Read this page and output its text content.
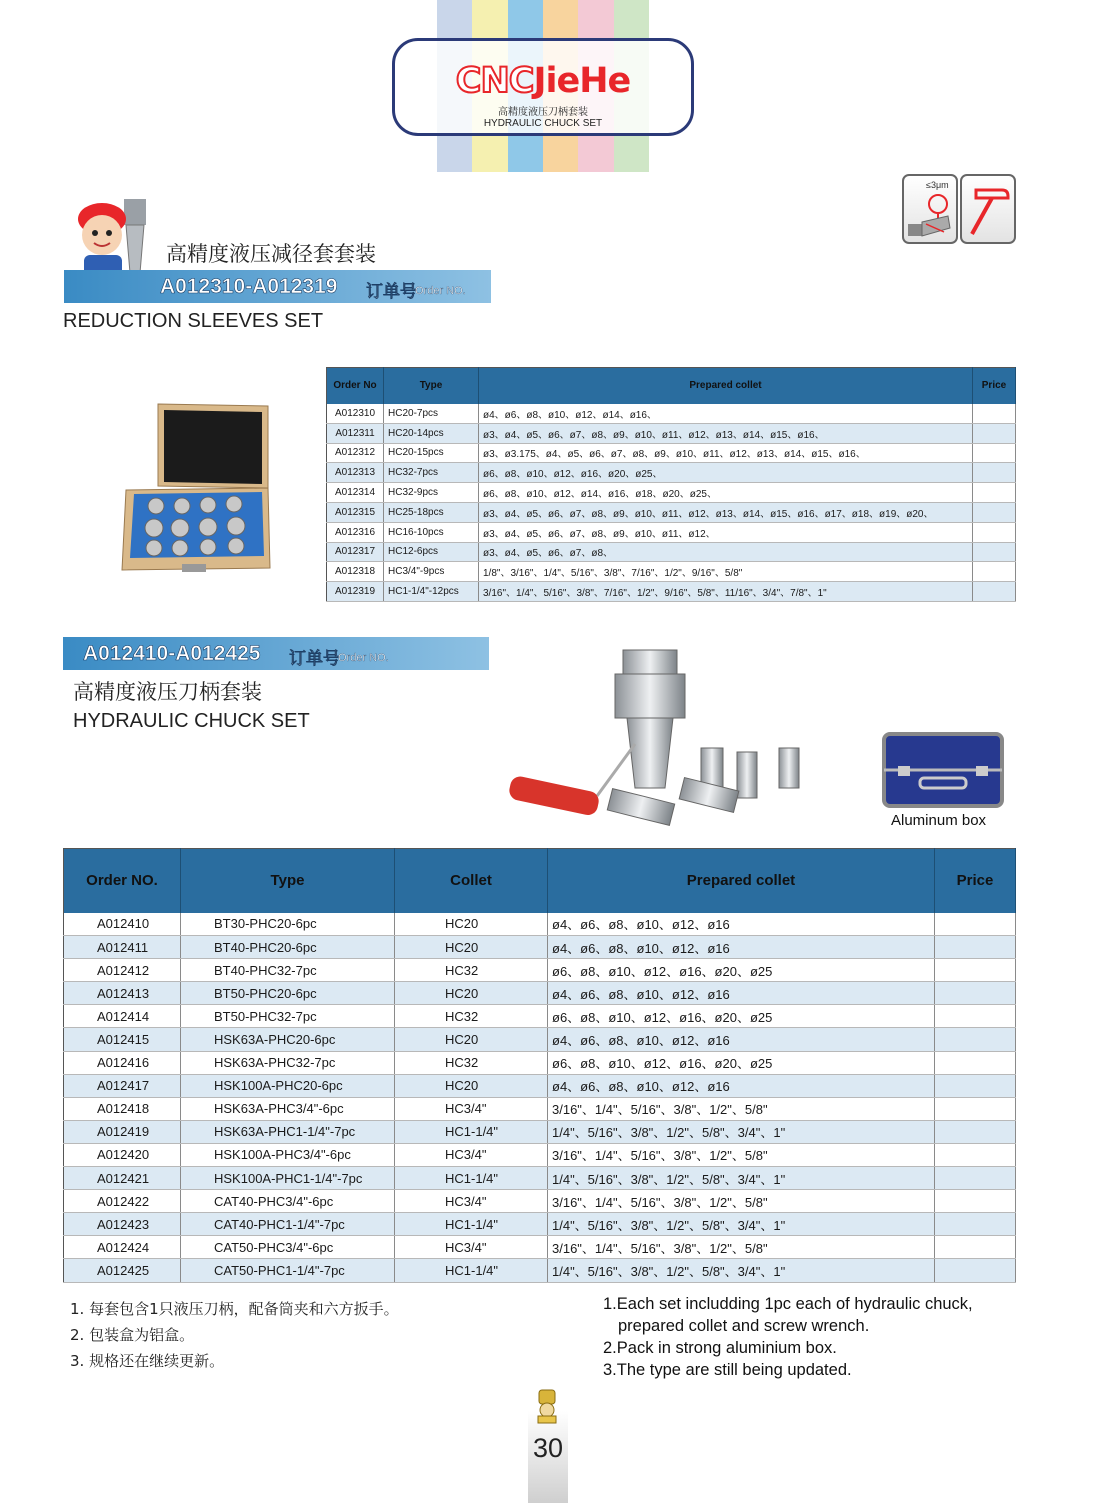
CNCJieHe
高精度液压刀柄套装
HYDRAULIC CHUCK SET
≤3μm
高精度液压减径套套装
A012310-A012319 订单号
Order NO.
REDUCTION SLEEVES SET
Order No	Type	Prepared collet	Price
A012310	HC20-7pcs	ø4、ø6、ø8、ø10、ø12、ø14、ø16、	
A012311	HC20-14pcs	ø3、ø4、ø5、ø6、ø7、ø8、ø9、ø10、ø11、ø12、ø13、ø14、ø15、ø16、	
A012312	HC20-15pcs	ø3、ø3.175、ø4、ø5、ø6、ø7、ø8、ø9、ø10、ø11、ø12、ø13、ø14、ø15、ø16、	
A012313	HC32-7pcs	ø6、ø8、ø10、ø12、ø16、ø20、ø25、	
A012314	HC32-9pcs	ø6、ø8、ø10、ø12、ø14、ø16、ø18、ø20、ø25、	
A012315	HC25-18pcs	ø3、ø4、ø5、ø6、ø7、ø8、ø9、ø10、ø11、ø12、ø13、ø14、ø15、ø16、ø17、ø18、ø19、ø20、	
A012316	HC16-10pcs	ø3、ø4、ø5、ø6、ø7、ø8、ø9、ø10、ø11、ø12、	
A012317	HC12-6pcs	ø3、ø4、ø5、ø6、ø7、ø8、	
A012318	HC3/4"-9pcs	1/8"、3/16"、1/4"、5/16"、3/8"、7/16"、1/2"、9/16"、5/8"	
A012319	HC1-1/4"-12pcs	3/16"、1/4"、5/16"、3/8"、7/16"、1/2"、9/16"、5/8"、11/16"、3/4"、7/8"、1"	
A012410-A012425 订单号
Order NO.
高精度液压刀柄套装
HYDRAULIC CHUCK SET
Aluminum box
Order NO.	Type	Collet	Prepared collet	Price
A012410	BT30-PHC20-6pc	HC20	ø4、ø6、ø8、ø10、ø12、ø16	
A012411	BT40-PHC20-6pc	HC20	ø4、ø6、ø8、ø10、ø12、ø16	
A012412	BT40-PHC32-7pc	HC32	ø6、ø8、ø10、ø12、ø16、ø20、ø25	
A012413	BT50-PHC20-6pc	HC20	ø4、ø6、ø8、ø10、ø12、ø16	
A012414	BT50-PHC32-7pc	HC32	ø6、ø8、ø10、ø12、ø16、ø20、ø25	
A012415	HSK63A-PHC20-6pc	HC20	ø4、ø6、ø8、ø10、ø12、ø16	
A012416	HSK63A-PHC32-7pc	HC32	ø6、ø8、ø10、ø12、ø16、ø20、ø25	
A012417	HSK100A-PHC20-6pc	HC20	ø4、ø6、ø8、ø10、ø12、ø16	
A012418	HSK63A-PHC3/4"-6pc	HC3/4"	3/16"、1/4"、5/16"、3/8"、1/2"、5/8"	
A012419	HSK63A-PHC1-1/4"-7pc	HC1-1/4"	1/4"、5/16"、3/8"、1/2"、5/8"、3/4"、1"	
A012420	HSK100A-PHC3/4"-6pc	HC3/4"	3/16"、1/4"、5/16"、3/8"、1/2"、5/8"	
A012421	HSK100A-PHC1-1/4"-7pc	HC1-1/4"	1/4"、5/16"、3/8"、1/2"、5/8"、3/4"、1"	
A012422	CAT40-PHC3/4"-6pc	HC3/4"	3/16"、1/4"、5/16"、3/8"、1/2"、5/8"	
A012423	CAT40-PHC1-1/4"-7pc	HC1-1/4"	1/4"、5/16"、3/8"、1/2"、5/8"、3/4"、1"	
A012424	CAT50-PHC3/4"-6pc	HC3/4"	3/16"、1/4"、5/16"、3/8"、1/2"、5/8"	
A012425	CAT50-PHC1-1/4"-7pc	HC1-1/4"	1/4"、5/16"、3/8"、1/2"、5/8"、3/4"、1"	
1. 每套包含1只液压刀柄，配备筒夹和六方扳手。
2. 包装盒为铝盒。
3. 规格还在继续更新。
1.Each set includding 1pc each of hydraulic chuck,
prepared collet and screw wrench.
2.Pack in strong aluminium box.
3.The type are still being updated.
30
